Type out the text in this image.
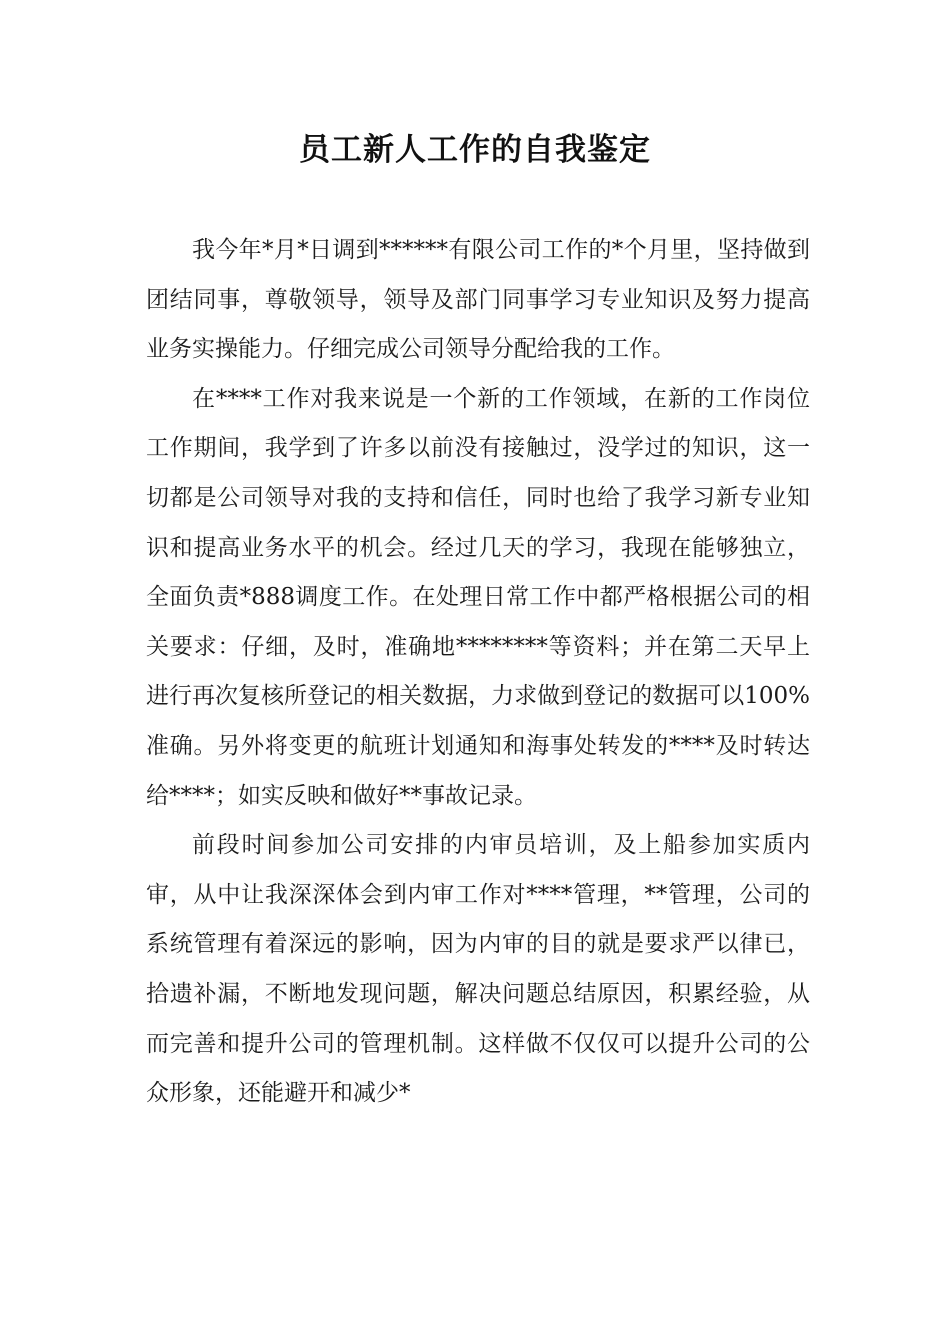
员工新人工作的自我鉴定

我今年*月*日调到******有限公司工作的*个月里，坚持做到团结同事，尊敬领导，领导及部门同事学习专业知识及努力提高业务实操能力。仔细完成公司领导分配给我的工作。

在****工作对我来说是一个新的工作领域，在新的工作岗位工作期间，我学到了许多以前没有接触过，没学过的知识，这一切都是公司领导对我的支持和信任，同时也给了我学习新专业知识和提高业务水平的机会。经过几天的学习，我现在能够独立，全面负责*888调度工作。在处理日常工作中都严格根据公司的相关要求：仔细，及时，准确地********等资料；并在第二天早上进行再次复核所登记的相关数据，力求做到登记的数据可以100%准确。另外将变更的航班计划通知和海事处转发的****及时转达给****；如实反映和做好**事故记录。

前段时间参加公司安排的内审员培训，及上船参加实质内审，从中让我深深体会到内审工作对****管理，**管理，公司的系统管理有着深远的影响，因为内审的目的就是要求严以律已，拾遗补漏，不断地发现问题，解决问题总结原因，积累经验，从而完善和提升公司的管理机制。这样做不仅仅可以提升公司的公众形象，还能避开和减少*
